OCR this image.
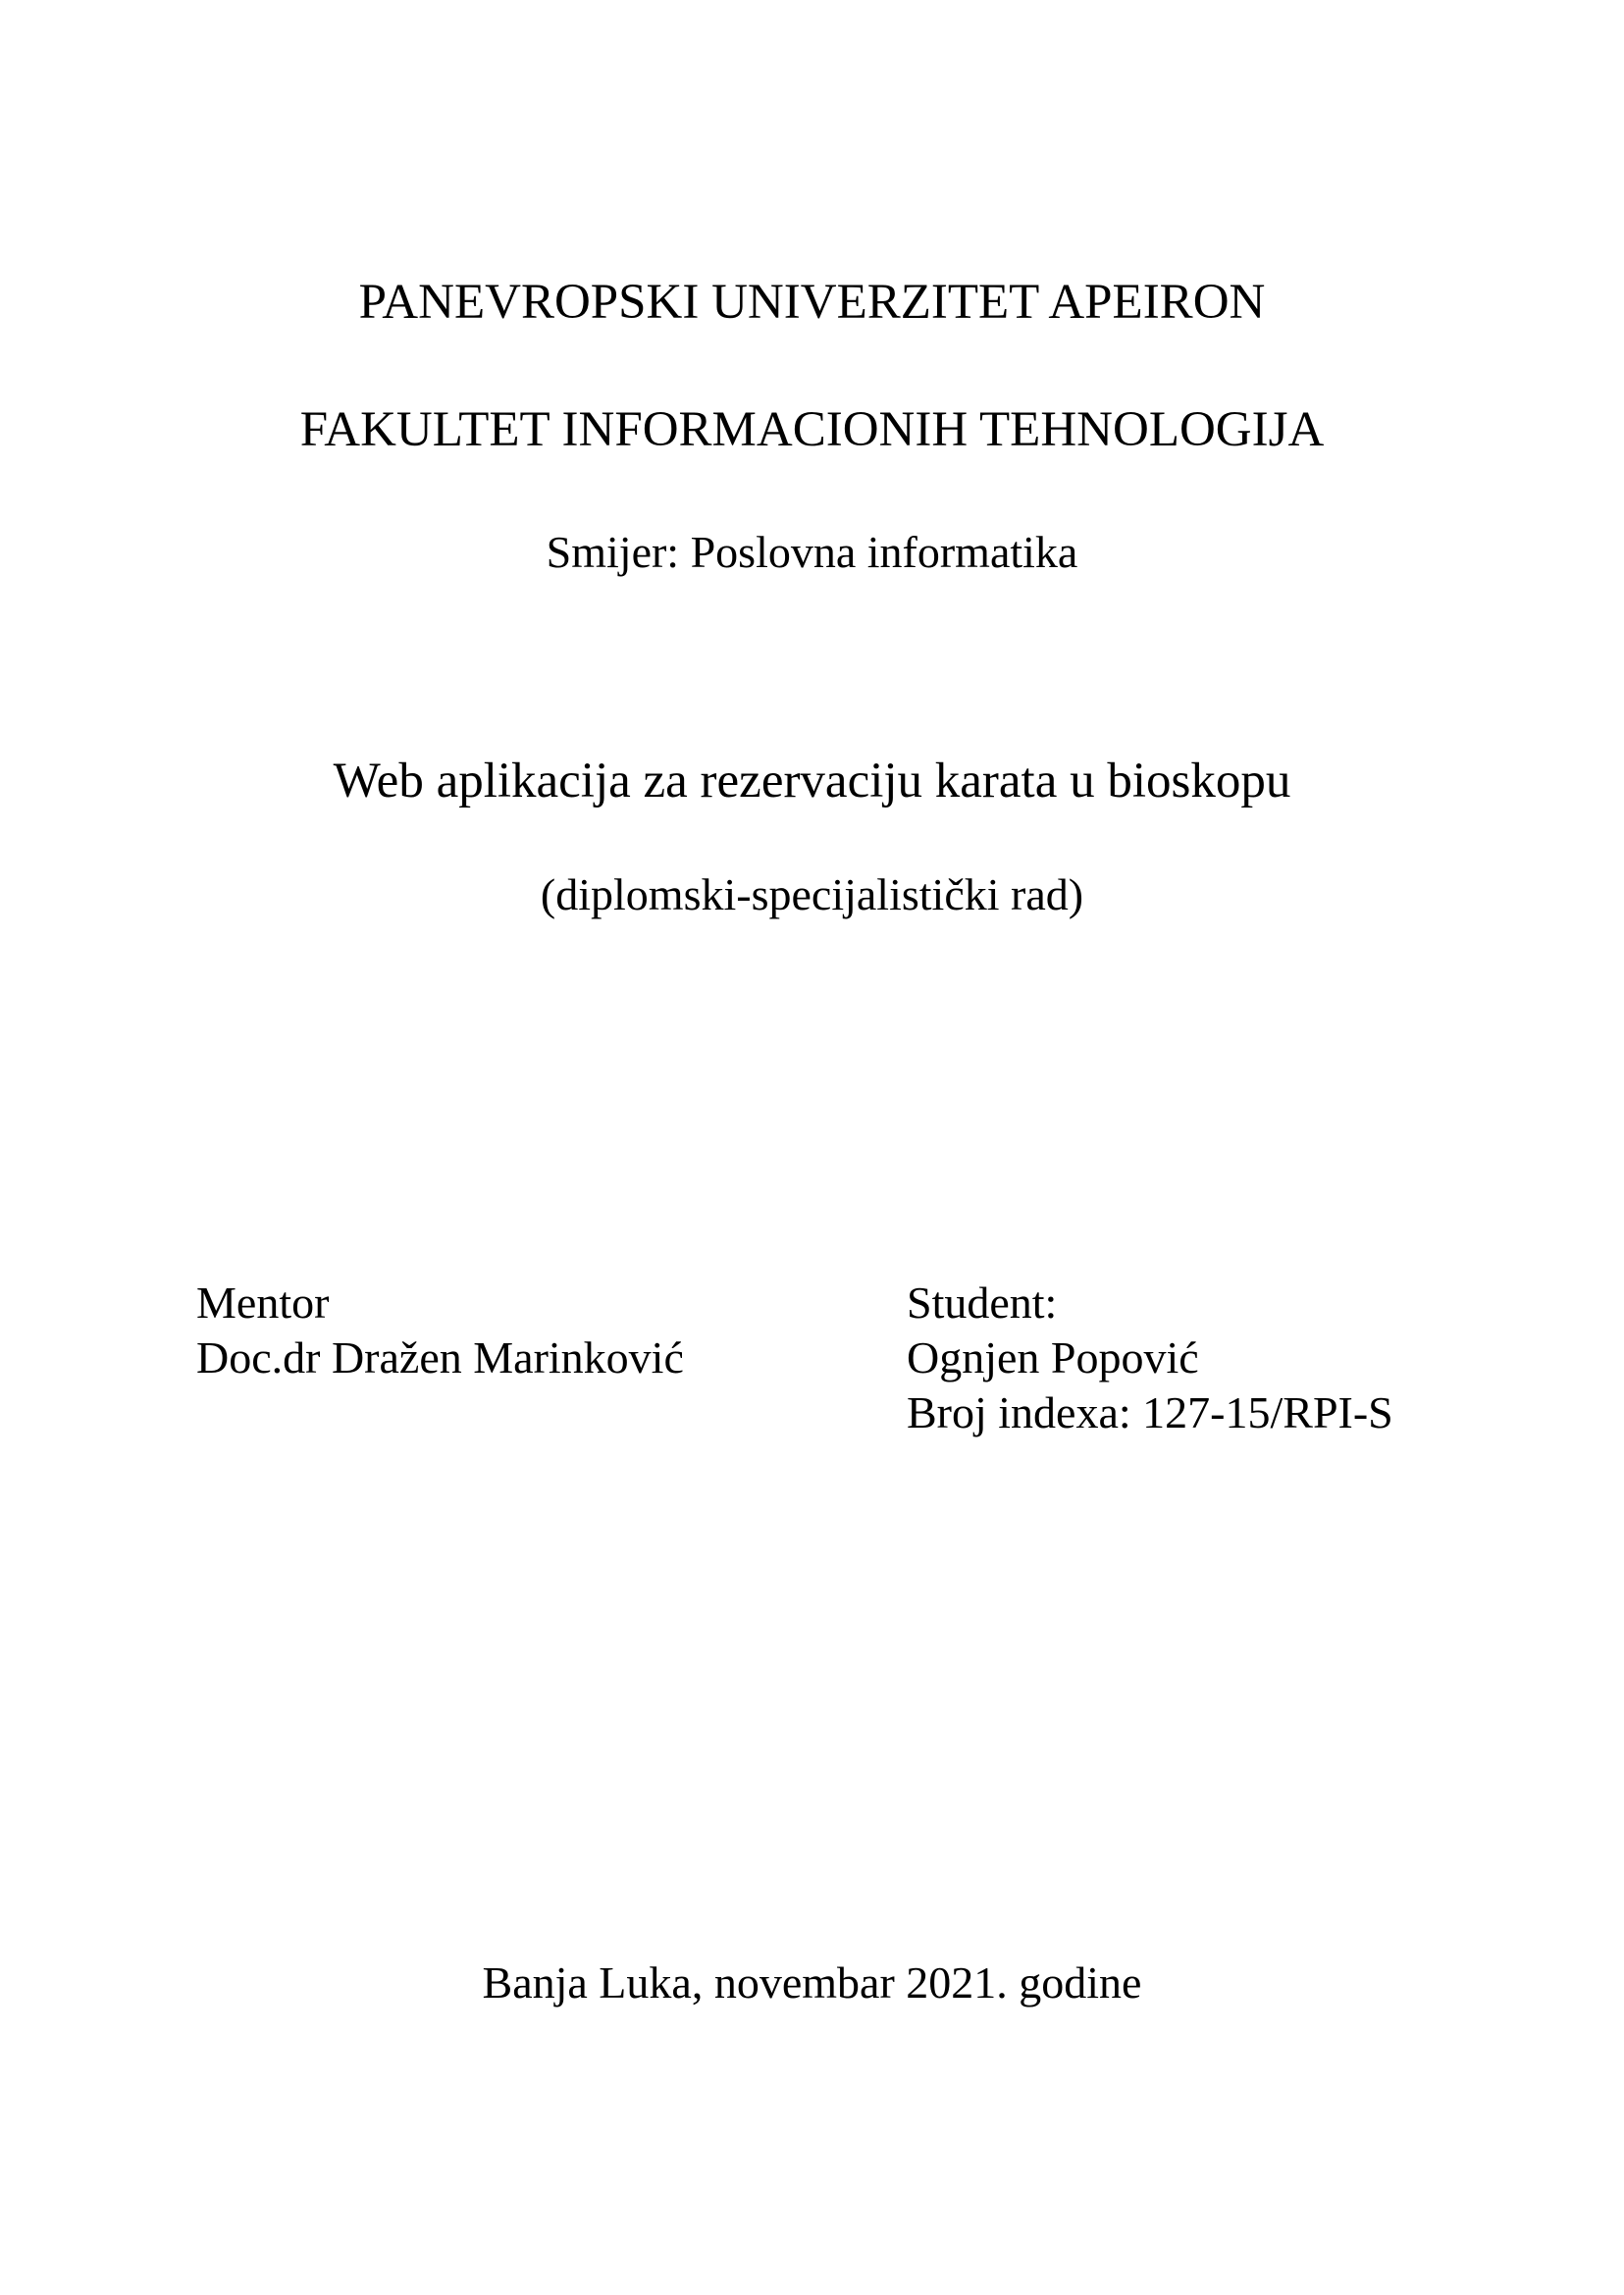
PANEVROPSKI UNIVERZITET APEIRON
FAKULTET INFORMACIONIH TEHNOLOGIJA
Smijer: Poslovna informatika
Web aplikacija za rezervaciju karata u bioskopu
(diplomski-specijalistički rad)
Mentor
Doc.dr Dražen Marinković
Student:
Ognjen Popović
Broj indexa: 127-15/RPI-S
Banja Luka, novembar 2021. godine
